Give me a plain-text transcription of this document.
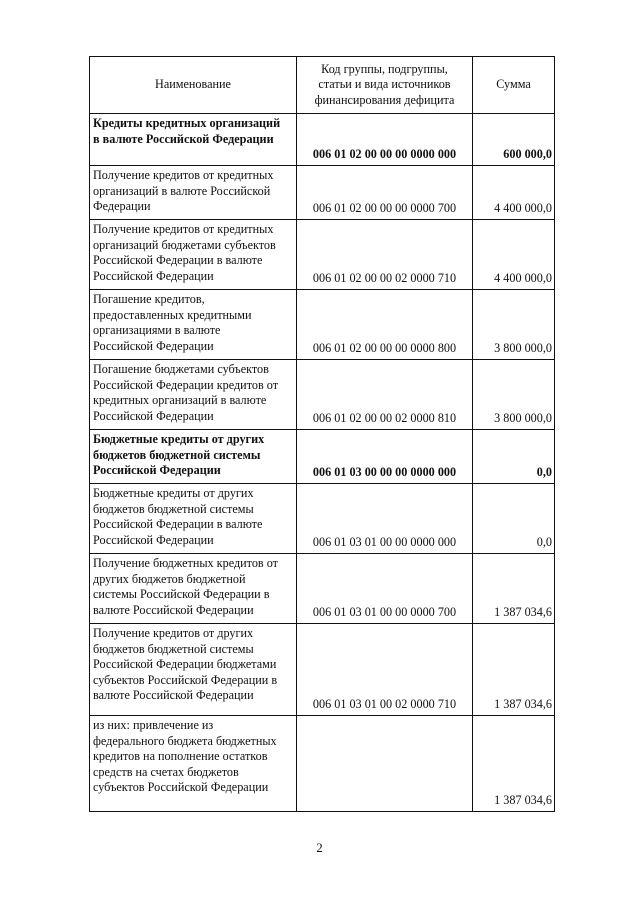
Наименование	Код группы, подгруппы,
статьи и вида источников
финансирования дефицита	Сумма
Кредиты кредитных организаций
в валюте Российской Федерации	006 01 02 00 00 00 0000 000	600 000,0
Получение кредитов от кредитных
организаций в валюте Российской
Федерации	006 01 02 00 00 00 0000 700	4 400 000,0
Получение кредитов от кредитных
организаций бюджетами субъектов
Российской Федерации в валюте
Российской Федерации	006 01 02 00 00 02 0000 710	4 400 000,0
Погашение кредитов,
предоставленных кредитными
организациями в валюте
Российской Федерации	006 01 02 00 00 00 0000 800	3 800 000,0
Погашение бюджетами субъектов
Российской Федерации кредитов от
кредитных организаций в валюте
Российской Федерации	006 01 02 00 00 02 0000 810	3 800 000,0
Бюджетные кредиты от других
бюджетов бюджетной системы
Российской Федерации	006 01 03 00 00 00 0000 000	0,0
Бюджетные кредиты от других
бюджетов бюджетной системы
Российской Федерации в валюте
Российской Федерации	006 01 03 01 00 00 0000 000	0,0
Получение бюджетных кредитов от
других бюджетов бюджетной
системы Российской Федерации в
валюте Российской Федерации	006 01 03 01 00 00 0000 700	1 387 034,6
Получение кредитов от других
бюджетов бюджетной системы
Российской Федерации бюджетами
субъектов Российской Федерации в
валюте Российской Федерации	006 01 03 01 00 02 0000 710	1 387 034,6
из них: привлечение из
федерального бюджета бюджетных
кредитов на пополнение остатков
средств на счетах бюджетов
субъектов Российской Федерации		1 387 034,6
2
